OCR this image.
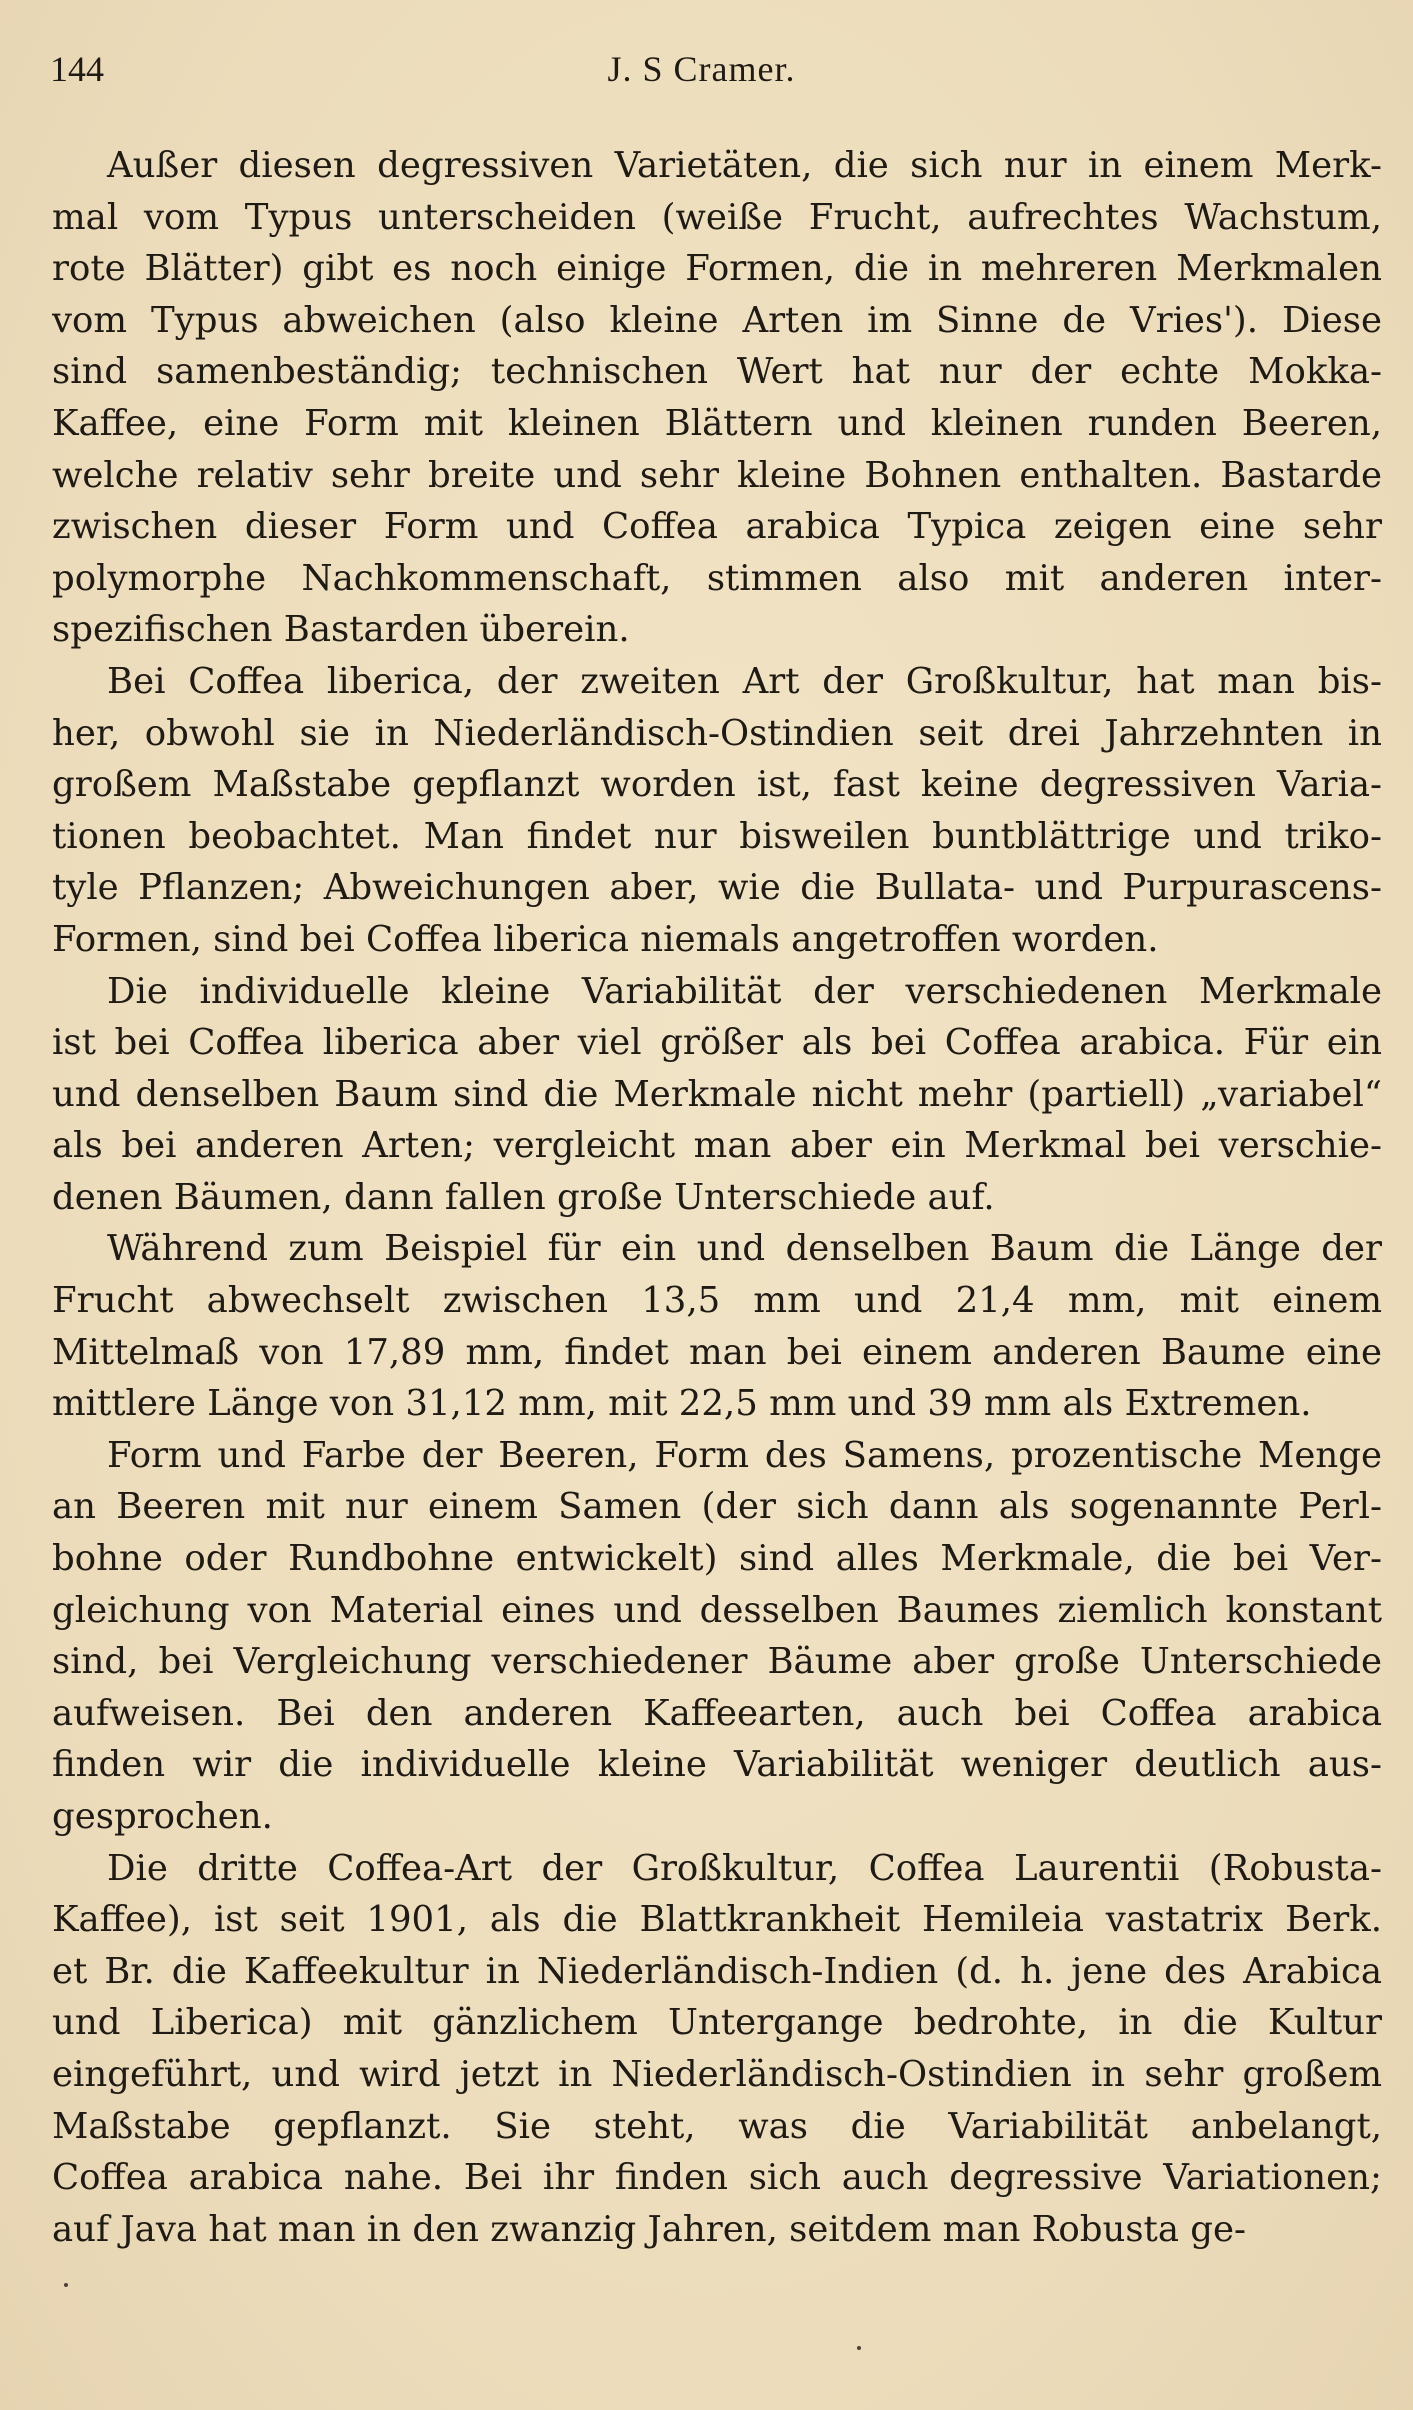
144	J. S Cramer.
Außer diesen degressiven Varietäten, die sich nur in einem Merk-
mal vom Typus unterscheiden (weiße Frucht, aufrechtes Wachstum,
rote Blätter) gibt es noch einige Formen, die in mehreren Merkmalen
vom Typus abweichen (also kleine Arten im Sinne de Vries'). Diese
sind samenbeständig; technischen Wert hat nur der echte Mokka-
Kaffee, eine Form mit kleinen Blättern und kleinen runden Beeren,
welche relativ sehr breite und sehr kleine Bohnen enthalten. Bastarde
zwischen dieser Form und Coffea arabica Typica zeigen eine sehr
polymorphe Nachkommenschaft, stimmen also mit anderen inter-
spezifischen Bastarden überein.
Bei Coffea liberica, der zweiten Art der Großkultur, hat man bis-
her, obwohl sie in Niederländisch-Ostindien seit drei Jahrzehnten in
großem Maßstabe gepflanzt worden ist, fast keine degressiven Varia-
tionen beobachtet. Man findet nur bisweilen buntblättrige und triko-
tyle Pflanzen; Abweichungen aber, wie die Bullata- und Purpurascens-
Formen, sind bei Coffea liberica niemals angetroffen worden.
Die individuelle kleine Variabilität der verschiedenen Merkmale
ist bei Coffea liberica aber viel größer als bei Coffea arabica. Für ein
und denselben Baum sind die Merkmale nicht mehr (partiell) „variabel“
als bei anderen Arten; vergleicht man aber ein Merkmal bei verschie-
denen Bäumen, dann fallen große Unterschiede auf.
Während zum Beispiel für ein und denselben Baum die Länge der
Frucht abwechselt zwischen 13,5 mm und 21,4 mm, mit einem
Mittelmaß von 17,89 mm, findet man bei einem anderen Baume eine
mittlere Länge von 31,12 mm, mit 22,5 mm und 39 mm als Extremen.
Form und Farbe der Beeren, Form des Samens, prozentische Menge
an Beeren mit nur einem Samen (der sich dann als sogenannte Perl-
bohne oder Rundbohne entwickelt) sind alles Merkmale, die bei Ver-
gleichung von Material eines und desselben Baumes ziemlich konstant
sind, bei Vergleichung verschiedener Bäume aber große Unterschiede
aufweisen. Bei den anderen Kaffeearten, auch bei Coffea arabica
finden wir die individuelle kleine Variabilität weniger deutlich aus-
gesprochen.
Die dritte Coffea-Art der Großkultur, Coffea Laurentii (Robusta-
Kaffee), ist seit 1901, als die Blattkrankheit Hemileia vastatrix Berk.
et Br. die Kaffeekultur in Niederländisch-Indien (d. h. jene des Arabica
und Liberica) mit gänzlichem Untergange bedrohte, in die Kultur
eingeführt, und wird jetzt in Niederländisch-Ostindien in sehr großem
Maßstabe gepflanzt. Sie steht, was die Variabilität anbelangt,
Coffea arabica nahe. Bei ihr finden sich auch degressive Variationen;
auf Java hat man in den zwanzig Jahren, seitdem man Robusta ge-
